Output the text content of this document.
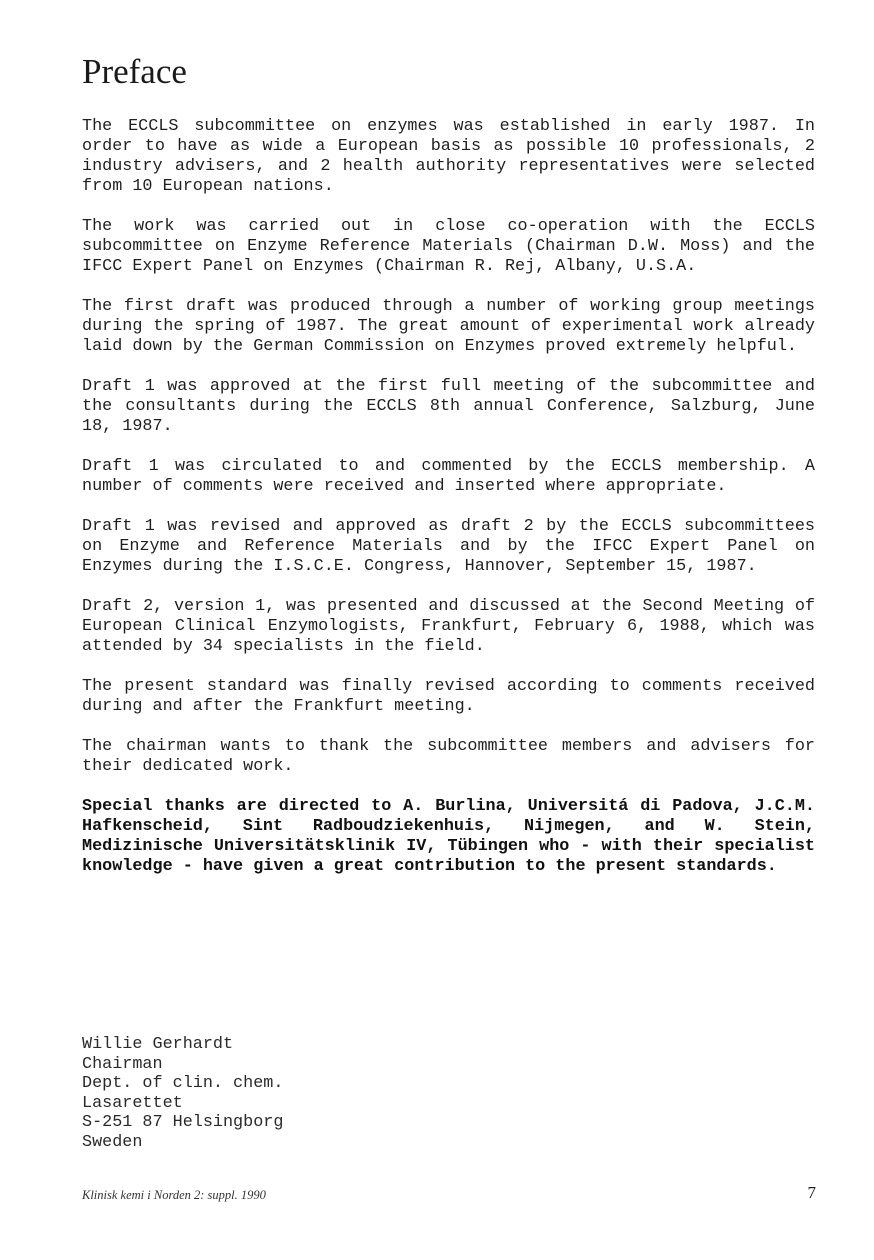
Preface

The ECCLS subcommittee on enzymes was established in early 1987. In order to have as wide a European basis as possible 10 professionals, 2 industry advisers, and 2 health authority representatives were selected from 10 European nations.

The work was carried out in close co-operation with the ECCLS subcommittee on Enzyme Reference Materials (Chairman D.W. Moss) and the IFCC Expert Panel on Enzymes (Chairman R. Rej, Albany, U.S.A.

The first draft was produced through a number of working group meetings during the spring of 1987. The great amount of experimental work already laid down by the German Commission on Enzymes proved extremely helpful.

Draft 1 was approved at the first full meeting of the subcommittee and the consultants during the ECCLS 8th annual Conference, Salzburg, June 18, 1987.

Draft 1 was circulated to and commented by the ECCLS membership. A number of comments were received and inserted where appropriate.

Draft 1 was revised and approved as draft 2 by the ECCLS subcommittees on Enzyme and Reference Materials and by the IFCC Expert Panel on Enzymes during the I.S.C.E. Congress, Hannover, September 15, 1987.

Draft 2, version 1, was presented and discussed at the Second Meeting of European Clinical Enzymologists, Frankfurt, February 6, 1988, which was attended by 34 specialists in the field.

The present standard was finally revised according to comments received during and after the Frankfurt meeting.

The chairman wants to thank the subcommittee members and advisers for their dedicated work.

Special thanks are directed to A. Burlina, Universitá di Padova, J.C.M. Hafkenscheid, Sint Radboudziekenhuis, Nijmegen, and W. Stein, Medizinische Universitätsklinik IV, Tübingen who - with their specialist knowledge - have given a great contribution to the present standards.

Willie Gerhardt
Chairman
Dept. of clin. chem.
Lasarettet
S-251 87 Helsingborg
Sweden
Klinisk kemi i Norden 2: suppl. 1990	7
